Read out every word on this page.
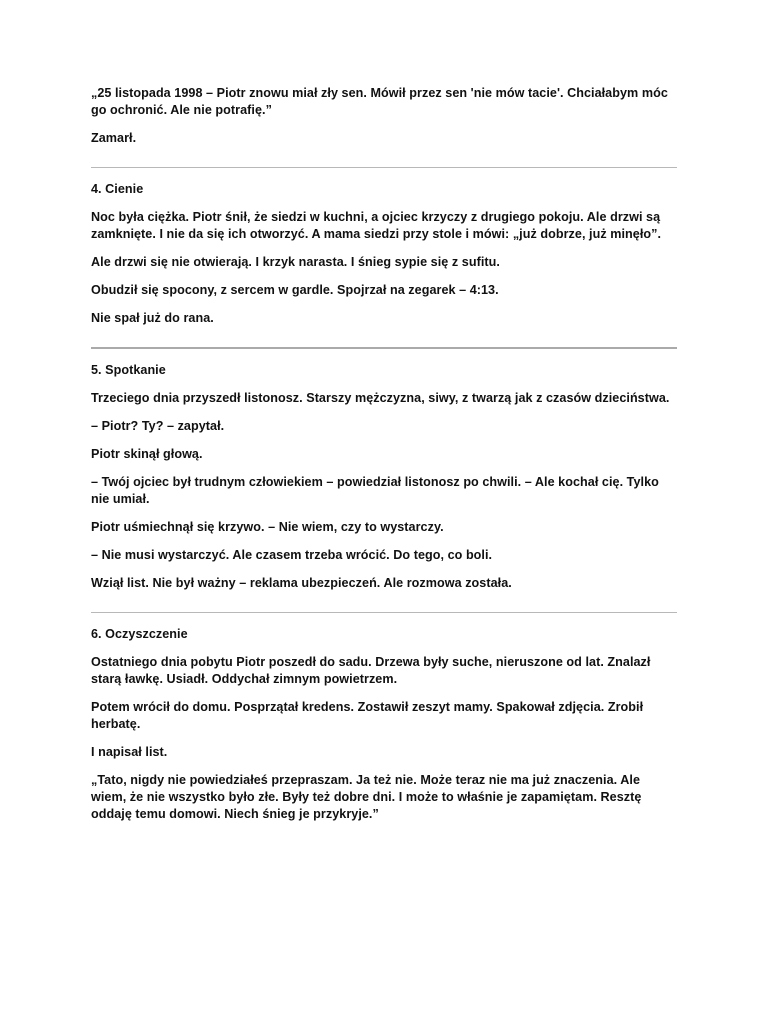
„25 listopada 1998 – Piotr znowu miał zły sen. Mówił przez sen 'nie mów tacie'. Chciałabym móc go ochronić. Ale nie potrafię.”

Zamarł.

4. Cienie

Noc była ciężka. Piotr śnił, że siedzi w kuchni, a ojciec krzyczy z drugiego pokoju. Ale drzwi są zamknięte. I nie da się ich otworzyć. A mama siedzi przy stole i mówi: „już dobrze, już minęło”.

Ale drzwi się nie otwierają. I krzyk narasta. I śnieg sypie się z sufitu.

Obudził się spocony, z sercem w gardle. Spojrzał na zegarek – 4:13.

Nie spał już do rana.

5. Spotkanie

Trzeciego dnia przyszedł listonosz. Starszy mężczyzna, siwy, z twarzą jak z czasów dzieciństwa.

– Piotr? Ty? – zapytał.

Piotr skinął głową.

– Twój ojciec był trudnym człowiekiem – powiedział listonosz po chwili. – Ale kochał cię. Tylko nie umiał.

Piotr uśmiechnął się krzywo. – Nie wiem, czy to wystarczy.

– Nie musi wystarczyć. Ale czasem trzeba wrócić. Do tego, co boli.

Wziął list. Nie był ważny – reklama ubezpieczeń. Ale rozmowa została.

6. Oczyszczenie

Ostatniego dnia pobytu Piotr poszedł do sadu. Drzewa były suche, nieruszone od lat. Znalazł starą ławkę. Usiadł. Oddychał zimnym powietrzem.

Potem wrócił do domu. Posprzątał kredens. Zostawił zeszyt mamy. Spakował zdjęcia. Zrobił herbatę.

I napisał list.

„Tato, nigdy nie powiedziałeś przepraszam. Ja też nie. Może teraz nie ma już znaczenia. Ale wiem, że nie wszystko było złe. Były też dobre dni. I może to właśnie je zapamiętam. Resztę oddaję temu domowi. Niech śnieg je przykryje.”
